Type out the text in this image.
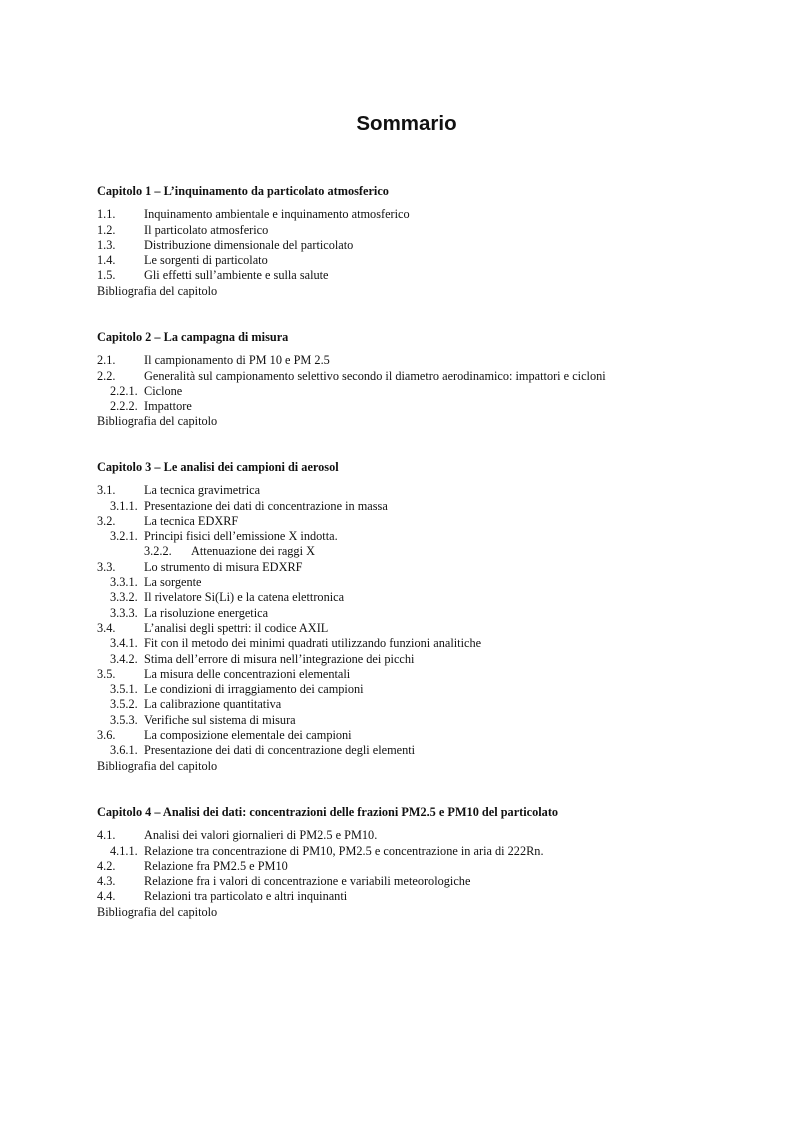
Sommario
Capitolo 1 – L’inquinamento da particolato atmosferico
1.1. Inquinamento ambientale e inquinamento atmosferico
1.2. Il particolato atmosferico
1.3. Distribuzione dimensionale del particolato
1.4. Le sorgenti di particolato
1.5. Gli effetti sull’ambiente e sulla salute
Bibliografia del capitolo
Capitolo 2 – La campagna di misura
2.1. Il campionamento di PM 10 e PM 2.5
2.2. Generalità sul campionamento selettivo secondo il diametro aerodinamico: impattori e cicloni
2.2.1. Ciclone
2.2.2. Impattore
Bibliografia del capitolo
Capitolo 3 – Le analisi dei campioni di aerosol
3.1. La tecnica gravimetrica
3.1.1. Presentazione dei dati di concentrazione in massa
3.2. La tecnica EDXRF
3.2.1. Principi fisici dell’emissione X indotta.
3.2.2. Attenuazione dei raggi X
3.3. Lo strumento di misura EDXRF
3.3.1. La sorgente
3.3.2. Il rivelatore Si(Li) e la catena elettronica
3.3.3. La risoluzione energetica
3.4. L’analisi degli spettri: il codice AXIL
3.4.1. Fit con il metodo dei minimi quadrati utilizzando funzioni analitiche
3.4.2. Stima dell’errore di misura nell’integrazione dei picchi
3.5. La misura delle concentrazioni elementali
3.5.1. Le condizioni di irraggiamento dei campioni
3.5.2. La calibrazione quantitativa
3.5.3. Verifiche sul sistema di misura
3.6. La composizione elementale dei campioni
3.6.1. Presentazione dei dati di concentrazione degli elementi
Bibliografia del capitolo
Capitolo 4 – Analisi dei dati: concentrazioni delle frazioni PM2.5 e PM10 del particolato
4.1. Analisi dei valori giornalieri di PM2.5 e PM10.
4.1.1. Relazione tra concentrazione di PM10, PM2.5 e concentrazione in aria di 222Rn.
4.2. Relazione fra PM2.5 e PM10
4.3. Relazione fra i valori di concentrazione e variabili meteorologiche
4.4. Relazioni tra particolato e altri inquinanti
Bibliografia del capitolo
